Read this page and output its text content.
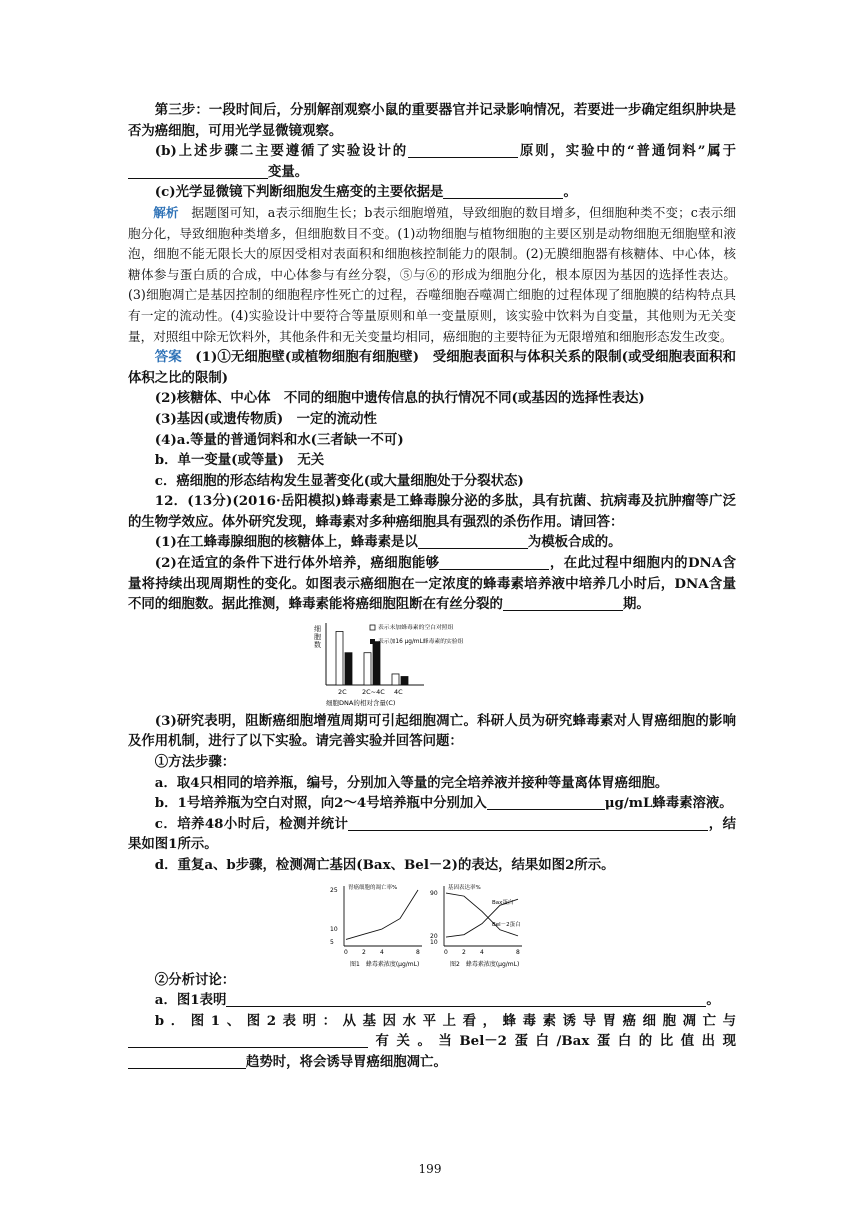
第三步：一段时间后，分别解剖观察小鼠的重要器官并记录影响情况，若要进一步确定组织肿块是否为癌细胞，可用光学显微镜观察。

(b)上述步骤二主要遵循了实验设计的	原则，实验中的“普通饲料”属于变量。

(c)光学显微镜下判断细胞发生癌变的主要依据是	。

解析　据题图可知，a表示细胞生长；b表示细胞增殖，导致细胞的数目增多，但细胞种类不变；c表示细胞分化，导致细胞种类增多，但细胞数目不变。(1)动物细胞与植物细胞的主要区别是动物细胞无细胞壁和液泡，细胞不能无限长大的原因受相对表面积和细胞核控制能力的限制。(2)无膜细胞器有核糖体、中心体，核糖体参与蛋白质的合成，中心体参与有丝分裂，⑤与⑥的形成为细胞分化，根本原因为基因的选择性表达。(3)细胞凋亡是基因控制的细胞程序性死亡的过程，吞噬细胞吞噬凋亡细胞的过程体现了细胞膜的结构特点具有一定的流动性。(4)实验设计中要符合等量原则和单一变量原则，该实验中饮料为自变量，其他则为无关变量，对照组中除无饮料外，其他条件和无关变量均相同，癌细胞的主要特征为无限增殖和细胞形态发生改变。

答案　(1)①无细胞壁(或植物细胞有细胞壁)　受细胞表面积与体积关系的限制(或受细胞表面积和体积之比的限制)

(2)核糖体、中心体　不同的细胞中遗传信息的执行情况不同(或基因的选择性表达)

(3)基因(或遗传物质)　一定的流动性

(4)a.等量的普通饲料和水(三者缺一不可)

b．单一变量(或等量)　无关

c．癌细胞的形态结构发生显著变化(或大量细胞处于分裂状态)

12．(13分)(2016·岳阳模拟)蜂毒素是工蜂毒腺分泌的多肽，具有抗菌、抗病毒及抗肿瘤等广泛的生物学效应。体外研究发现，蜂毒素对多种癌细胞具有强烈的杀伤作用。请回答：

(1)在工蜂毒腺细胞的核糖体上，蜂毒素是以	为模板合成的。

(2)在适宜的条件下进行体外培养，癌细胞能够	，在此过程中细胞内的DNA含量将持续出现周期性的变化。如图表示癌细胞在一定浓度的蜂毒素培养液中培养几小时后，DNA含量不同的细胞数。据此推测，蜂毒素能将癌细胞阻断在有丝分裂的	期。

细 胞 数
2C 2C~4C 4C
细胞DNA的相对含量(C)
表示未加蜂毒素的空白对照组
表示加16 μg/mL蜂毒素的实验组

(3)研究表明，阻断癌细胞增殖周期可引起细胞凋亡。科研人员为研究蜂毒素对人胃癌细胞的影响及作用机制，进行了以下实验。请完善实验并回答问题：

①方法步骤：

a．取4只相同的培养瓶，编号，分别加入等量的完全培养液并接种等量离体胃癌细胞。

b．1号培养瓶为空白对照，向2～4号培养瓶中分别加入	μg/mL蜂毒素溶液。

c．培养48小时后，检测并统计	，结果如图1所示。

d．重复a、b步骤，检测凋亡基因(Bax、Bel－2)的表达，结果如图2所示。

胃癌细胞的凋亡率%
25
10
5
0 2 4	8
图1　蜂毒素浓度(μg/mL)
基因表达率%
90
20
10
0 2 4	8
Bax蛋白
Bel－2蛋白
图2　蜂毒素浓度(μg/mL)

②分析讨论：

a．图1表明	。

b．图1、图2表明：从基因水平上看，蜂毒素诱导胃癌细胞凋亡与有关。当Bel－2蛋白/Bax蛋白的比值出现趋势时，将会诱导胃癌细胞凋亡。

199
